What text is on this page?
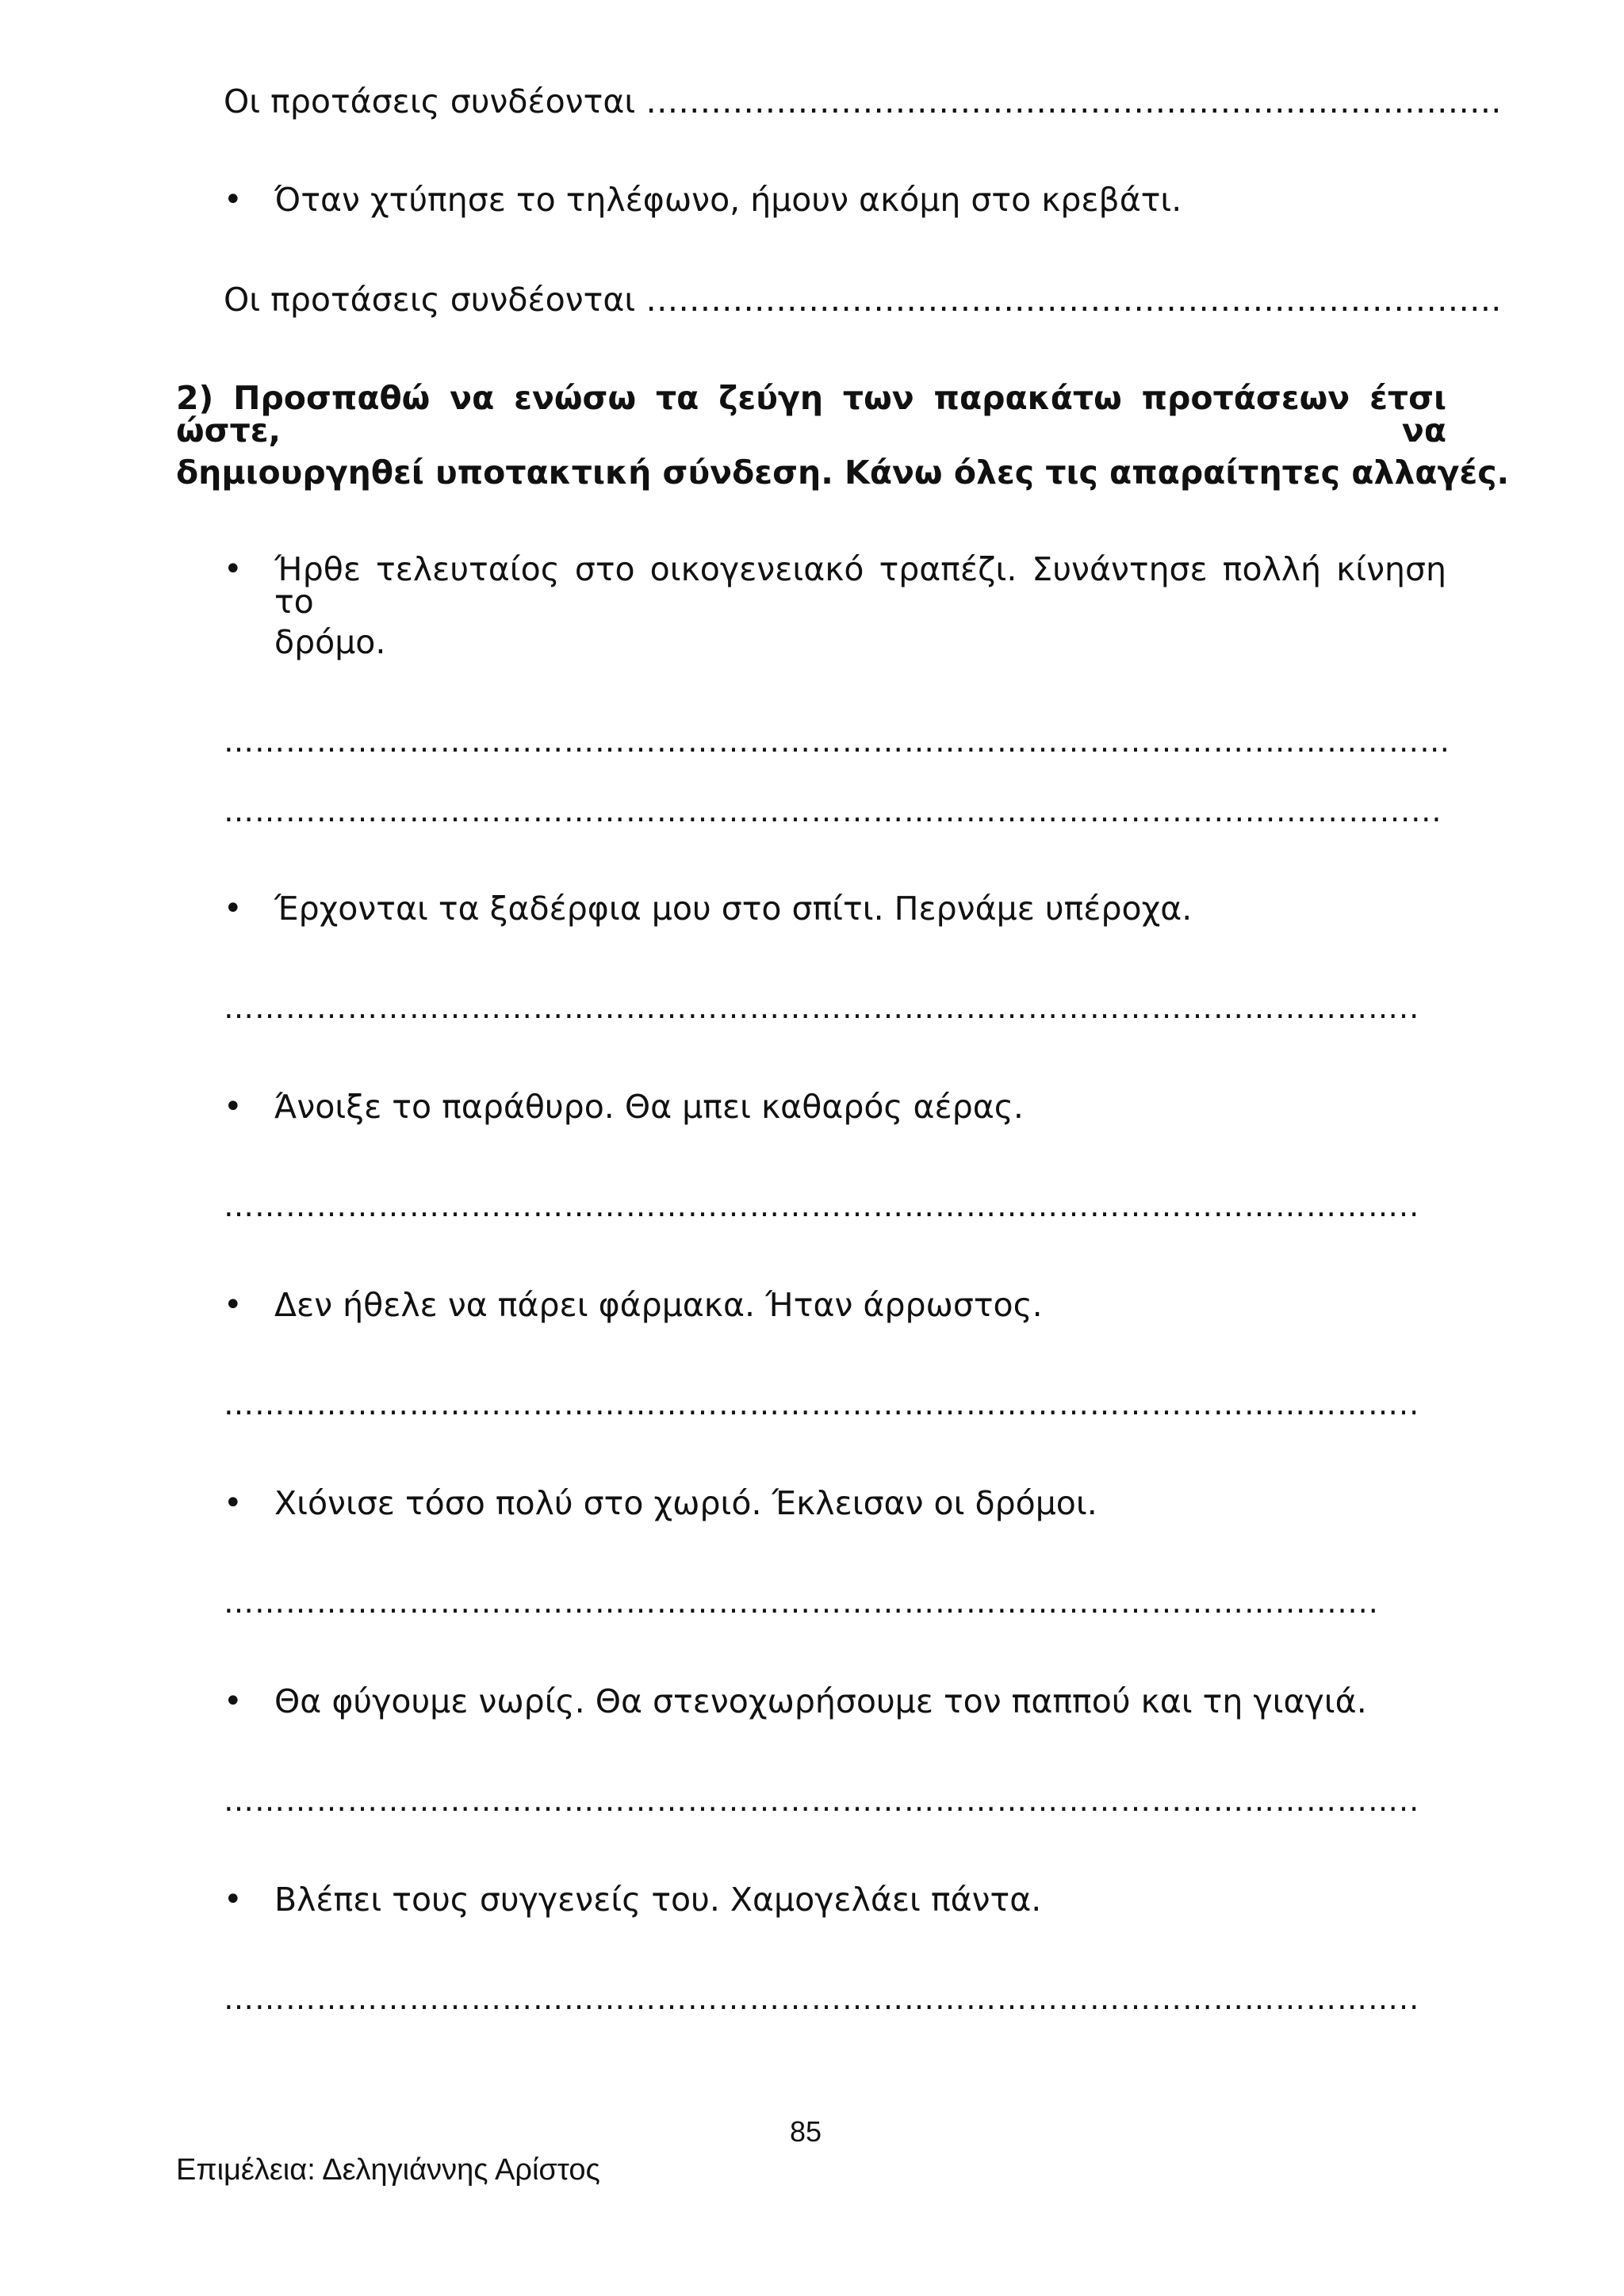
Οι προτάσεις συνδέονται …………………………………………………………………….
• Όταν χτύπησε το τηλέφωνο, ήμουν ακόμη στο κρεβάτι.
Οι προτάσεις συνδέονται …………………………………………………………………….
2) Προσπαθώ να ενώσω τα ζεύγη των παρακάτω προτάσεων έτσι ώστε, να
δημιουργηθεί υποτακτική σύνδεση. Κάνω όλες τις απαραίτητες αλλαγές.
• Ήρθε τελευταίος στο οικογενειακό τραπέζι. Συνάντησε πολλή κίνηση το
δρόμο.
………………………………………………………………………………………..………………
……………………………………………………………………………...............................
• Έρχονται τα ξαδέρφια μου στο σπίτι. Περνάμε υπέροχα.
……………………………………………………………………………………………………..
• Άνοιξε το παράθυρο. Θα μπει καθαρός αέρας.
……………………………………………………………………………………………………..
• Δεν ήθελε να πάρει φάρμακα. Ήταν άρρωστος.
……………………………………………………………………………………………………..
• Χιόνισε τόσο πολύ στο χωριό. Έκλεισαν οι δρόμοι.
…………………………………………………………………………………………..........
• Θα φύγουμε νωρίς. Θα στενοχωρήσουμε τον παππού και τη γιαγιά.
……………………………………………………………………………………………………..
• Βλέπει τους συγγενείς του. Χαμογελάει πάντα.
……………………………………………………………………………………………………..
85
Επιμέλεια: Δεληγιάννης Αρίστος
